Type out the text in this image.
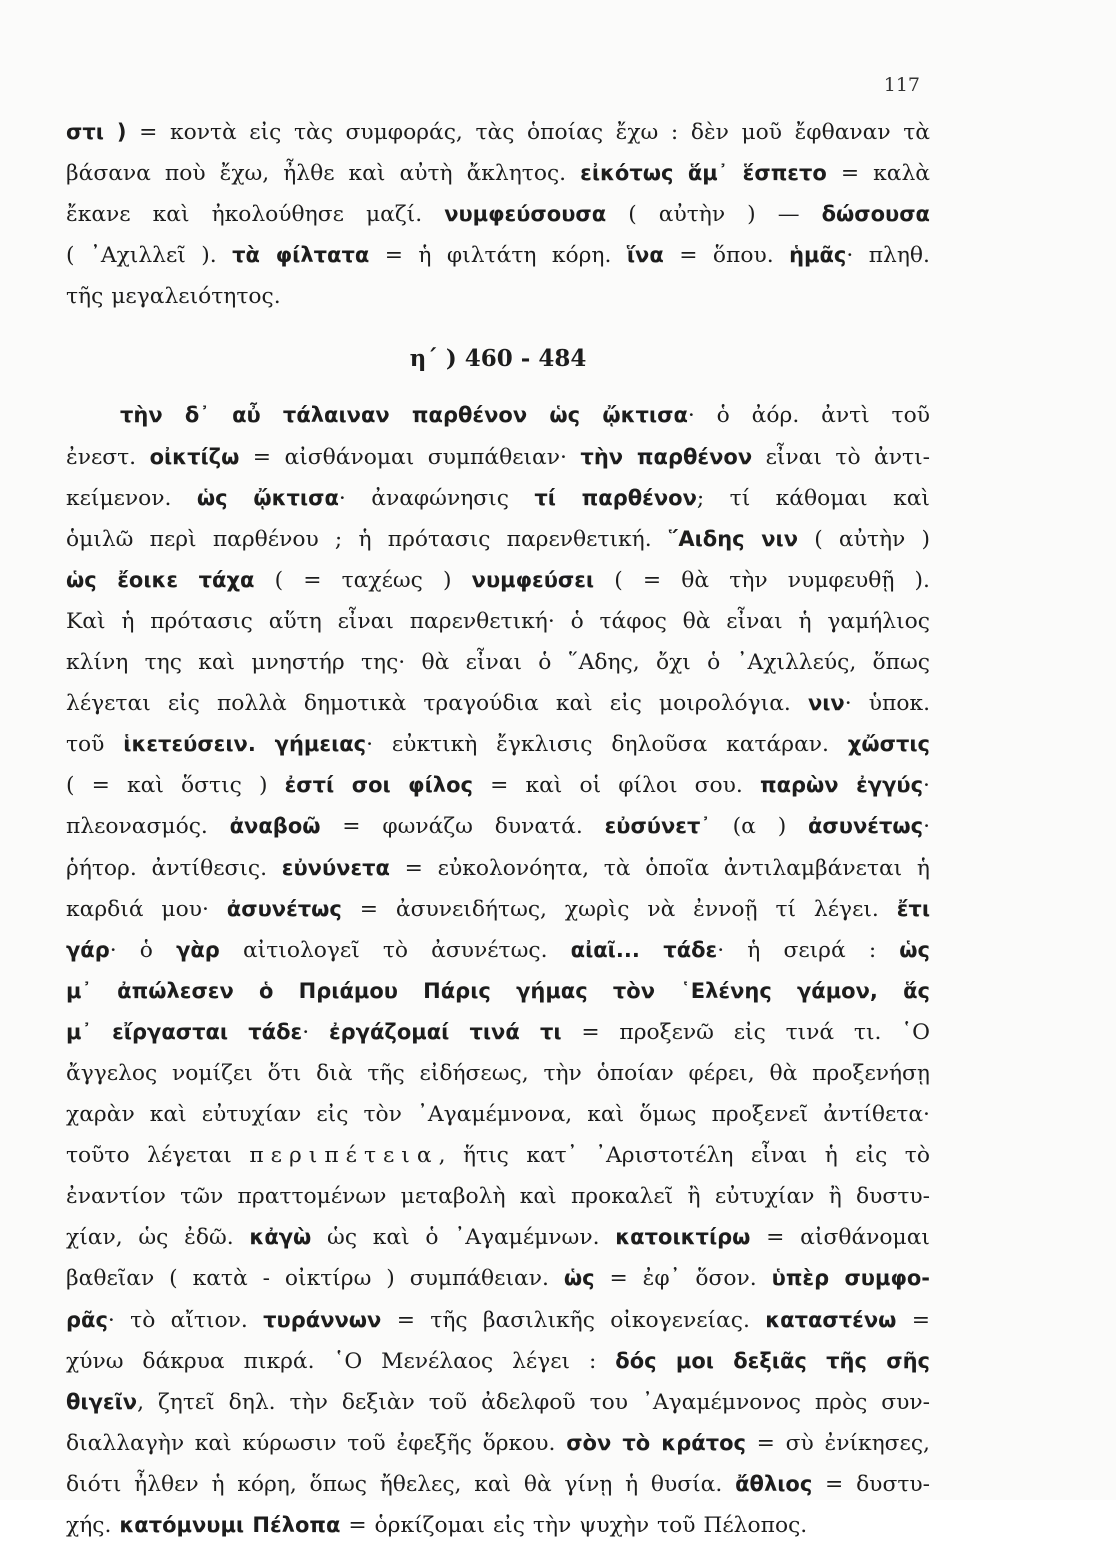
117
στι ) = κοντὰ εἰς τὰς συμφοράς, τὰς ὁποίας ἔχω : δὲν μοῦ ἔφθαναν τὰ
βάσανα ποὺ ἔχω, ἦλθε καὶ αὐτὴ ἄκλητος. εἰκότως ἅμ᾽ ἕσπετο = καλὰ
ἔκανε καὶ ἠκολούθησε μαζί. νυμφεύσουσα ( αὐτὴν ) — δώσουσα
( ᾽Αχιλλεῖ ). τὰ φίλτατα = ἡ φιλτάτη κόρη. ἵνα = ὅπου. ἡμᾶς· πληθ.
τῆς μεγαλειότητος.
η΄ ) 460 - 484
τὴν δ᾽ αὖ τάλαιναν παρθένον ὡς ᾤκτισα· ὁ ἀόρ. ἀντὶ τοῦ
ἐνεστ. οἰκτίζω = αἰσθάνομαι συμπάθειαν· τὴν παρθένον εἶναι τὸ ἀντι-
κείμενον. ὡς ᾤκτισα· ἀναφώνησις τί παρθένον; τί κάθομαι καὶ
ὁμιλῶ περὶ παρθένου ; ἡ πρότασις παρενθετική. ῞Αιδης νιν ( αὐτὴν )
ὡς ἔοικε τάχα ( = ταχέως ) νυμφεύσει ( = θὰ τὴν νυμφευθῇ ).
Καὶ ἡ πρότασις αὕτη εἶναι παρενθετική· ὁ τάφος θὰ εἶναι ἡ γαμήλιος
κλίνη της καὶ μνηστήρ της· θὰ εἶναι ὁ ῞Αδης, ὄχι ὁ ᾽Αχιλλεύς, ὅπως
λέγεται εἰς πολλὰ δημοτικὰ τραγούδια καὶ εἰς μοιρολόγια. νιν· ὑποκ.
τοῦ ἱκετεύσειν. γήμειας· εὐκτικὴ ἔγκλισις δηλοῦσα κατάραν. χὤστις
( = καὶ ὅστις ) ἐστί σοι φίλος = καὶ οἱ φίλοι σου. παρὼν ἐγγύς·
πλεονασμός. ἀναβοῶ = φωνάζω δυνατά. εὐσύνετ᾽ (α ) ἀσυνέτως·
ῥήτορ. ἀντίθεσις. εὐνύνετα = εὐκολονόητα, τὰ ὁποῖα ἀντιλαμβάνεται ἡ
καρδιά μου· ἀσυνέτως = ἀσυνειδήτως, χωρὶς νὰ ἐννοῇ τί λέγει. ἔτι
γάρ· ὁ γὰρ αἰτιολογεῖ τὸ ἀσυνέτως. αἰαῖ... τάδε· ἡ σειρά : ὡς
μ᾽ ἀπώλεσεν ὁ Πριάμου Πάρις γήμας τὸν ῾Ελένης γάμον, ἅς
μ᾽ εἴργασται τάδε· ἐργάζομαί τινά τι = προξενῶ εἰς τινά τι. ῾Ο
ἄγγελος νομίζει ὅτι διὰ τῆς εἰδήσεως, τὴν ὁποίαν φέρει, θὰ προξενήσῃ
χαρὰν καὶ εὐτυχίαν εἰς τὸν ᾽Αγαμέμνονα, καὶ ὅμως προξενεῖ ἀντίθετα·
τοῦτο λέγεται περιπέτεια, ἥτις κατ᾽ ᾽Αριστοτέλη εἶναι ἡ εἰς τὸ
ἐναντίον τῶν πραττομένων μεταβολὴ καὶ προκαλεῖ ἢ εὐτυχίαν ἢ δυστυ-
χίαν, ὡς ἐδῶ. κἀγὼ ὡς καὶ ὁ ᾽Αγαμέμνων. κατοικτίρω = αἰσθάνομαι
βαθεῖαν ( κατὰ - οἰκτίρω ) συμπάθειαν. ὡς = ἐφ᾽ ὅσον. ὑπὲρ συμφο-
ρᾶς· τὸ αἴτιον. τυράννων = τῆς βασιλικῆς οἰκογενείας. καταστένω =
χύνω δάκρυα πικρά. ῾Ο Μενέλαος λέγει : δός μοι δεξιᾶς τῆς σῆς
θιγεῖν, ζητεῖ δηλ. τὴν δεξιὰν τοῦ ἀδελφοῦ του ᾽Αγαμέμνονος πρὸς συν-
διαλλαγὴν καὶ κύρωσιν τοῦ ἐφεξῆς ὅρκου. σὸν τὸ κράτος = σὺ ἐνίκησες,
διότι ἦλθεν ἡ κόρη, ὅπως ἤθελες, καὶ θὰ γίνῃ ἡ θυσία. ἄθλιος = δυστυ-
χής. κατόμνυμι Πέλοπα = ὁρκίζομαι εἰς τὴν ψυχὴν τοῦ Πέλοπος.
